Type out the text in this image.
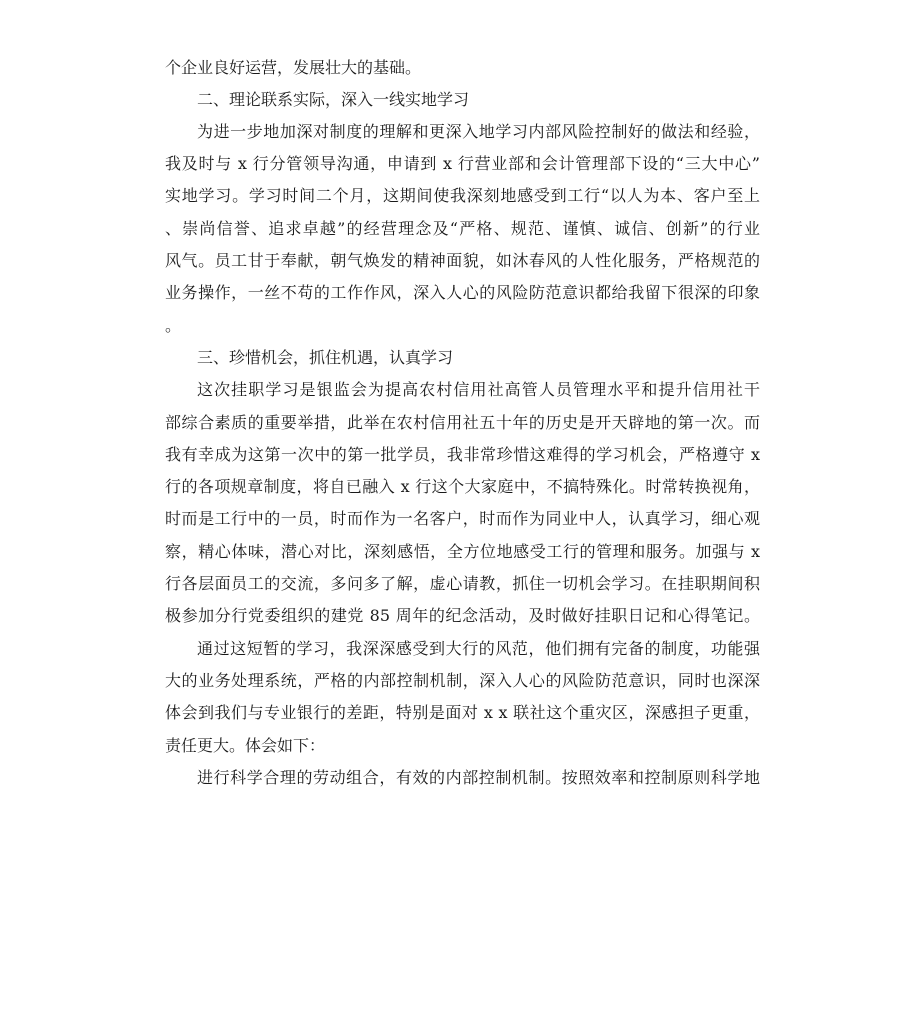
个企业良好运营，发展壮大的基础。
二、理论联系实际，深入一线实地学习
为进一步地加深对制度的理解和更深入地学习内部风险控制好的做法和经验，
我及时与 x 行分管领导沟通，申请到 x 行营业部和会计管理部下设的“三大中心”
实地学习。学习时间二个月，这期间使我深刻地感受到工行“以人为本、客户至上
、崇尚信誉、追求卓越”的经营理念及“严格、规范、谨慎、诚信、创新”的行业
风气。员工甘于奉献，朝气焕发的精神面貌，如沐春风的人性化服务，严格规范的
业务操作，一丝不苟的工作作风，深入人心的风险防范意识都给我留下很深的印象
。
三、珍惜机会，抓住机遇，认真学习
这次挂职学习是银监会为提高农村信用社高管人员管理水平和提升信用社干
部综合素质的重要举措，此举在农村信用社五十年的历史是开天辟地的第一次。而
我有幸成为这第一次中的第一批学员，我非常珍惜这难得的学习机会，严格遵守 x
行的各项规章制度，将自已融入 x 行这个大家庭中，不搞特殊化。时常转换视角，
时而是工行中的一员，时而作为一名客户，时而作为同业中人，认真学习，细心观
察，精心体味，潜心对比，深刻感悟，全方位地感受工行的管理和服务。加强与 x
行各层面员工的交流，多问多了解，虚心请教，抓住一切机会学习。在挂职期间积
极参加分行党委组织的建党 85 周年的纪念活动，及时做好挂职日记和心得笔记。
通过这短暂的学习，我深深感受到大行的风范，他们拥有完备的制度，功能强
大的业务处理系统，严格的内部控制机制，深入人心的风险防范意识，同时也深深
体会到我们与专业银行的差距，特别是面对 x x 联社这个重灾区，深感担子更重，
责任更大。体会如下：
进行科学合理的劳动组合，有效的内部控制机制。按照效率和控制原则科学地
